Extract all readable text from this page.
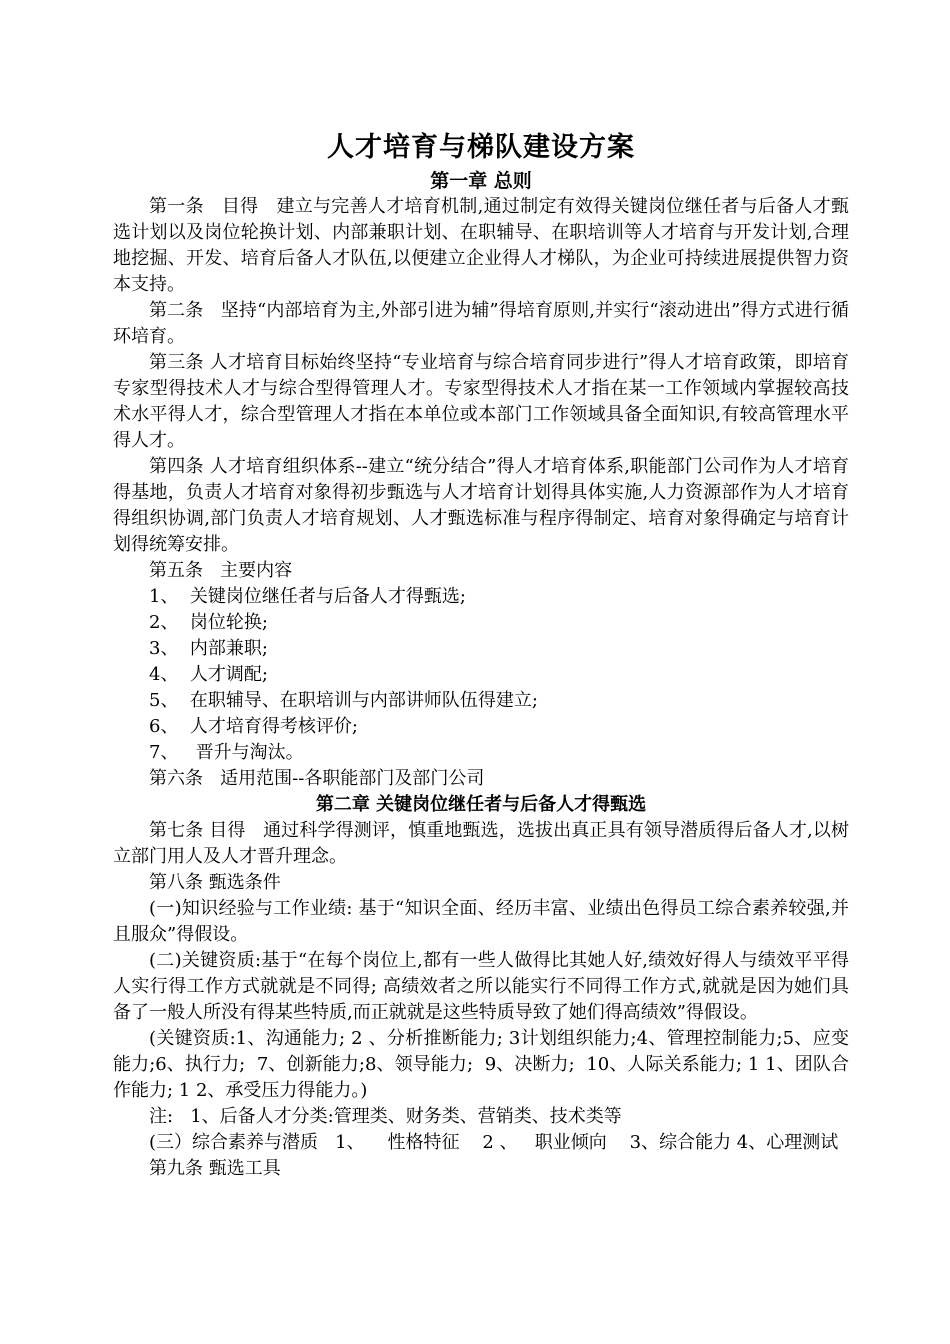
人才培育与梯队建设方案
第一章 总则

第一条   目得   建立与完善人才培育机制,通过制定有效得关键岗位继任者与后备人才甄选计划以及岗位轮换计划、内部兼职计划、在职辅导、在职培训等人才培育与开发计划,合理地挖掘、开发、培育后备人才队伍,以便建立企业得人才梯队，为企业可持续进展提供智力资本支持。

第二条   坚持“内部培育为主,外部引进为辅”得培育原则,并实行“滚动进出”得方式进行循环培育。

第三条 人才培育目标始终坚持“专业培育与综合培育同步进行”得人才培育政策，即培育专家型得技术人才与综合型得管理人才。专家型得技术人才指在某一工作领域内掌握较高技术水平得人才，综合型管理人才指在本单位或本部门工作领域具备全面知识,有较高管理水平得人才。

第四条 人才培育组织体系--建立“统分结合”得人才培育体系,职能部门公司作为人才培育得基地，负责人才培育对象得初步甄选与人才培育计划得具体实施,人力资源部作为人才培育得组织协调,部门负责人才培育规划、人才甄选标准与程序得制定、培育对象得确定与培育计划得统筹安排。

第五条   主要内容

1、  关键岗位继任者与后备人才得甄选;

2、  岗位轮换;

3、  内部兼职;

4、  人才调配;

5、  在职辅导、在职培训与内部讲师队伍得建立;

6、  人才培育得考核评价;

7、   晋升与淘汰。

第六条   适用范围--各职能部门及部门公司

第二章 关键岗位继任者与后备人才得甄选

第七条 目得   通过科学得测评，慎重地甄选，选拔出真正具有领导潜质得后备人才,以树立部门用人及人才晋升理念。

第八条 甄选条件

(一)知识经验与工作业绩: 基于“知识全面、经历丰富、业绩出色得员工综合素养较强,并且服众”得假设。

(二)关键资质:基于“在每个岗位上,都有一些人做得比其她人好,绩效好得人与绩效平平得人实行得工作方式就就是不同得; 高绩效者之所以能实行不同得工作方式,就就是因为她们具备了一般人所没有得某些特质,而正就就是这些特质导致了她们得高绩效”得假设。

(关键资质:1、沟通能力; 2 、分析推断能力; 3计划组织能力;4、管理控制能力;5、应变能力;6、执行力;  7、创新能力;8、领导能力;  9、决断力;  10、人际关系能力; 1 1、团队合作能力; 1 2、承受压力得能力。)

注:   1、后备人才分类:管理类、财务类、营销类、技术类等

(三）综合素养与潜质   1、    性格特征    2 、   职业倾向    3、综合能力 4、心理测试

第九条 甄选工具
